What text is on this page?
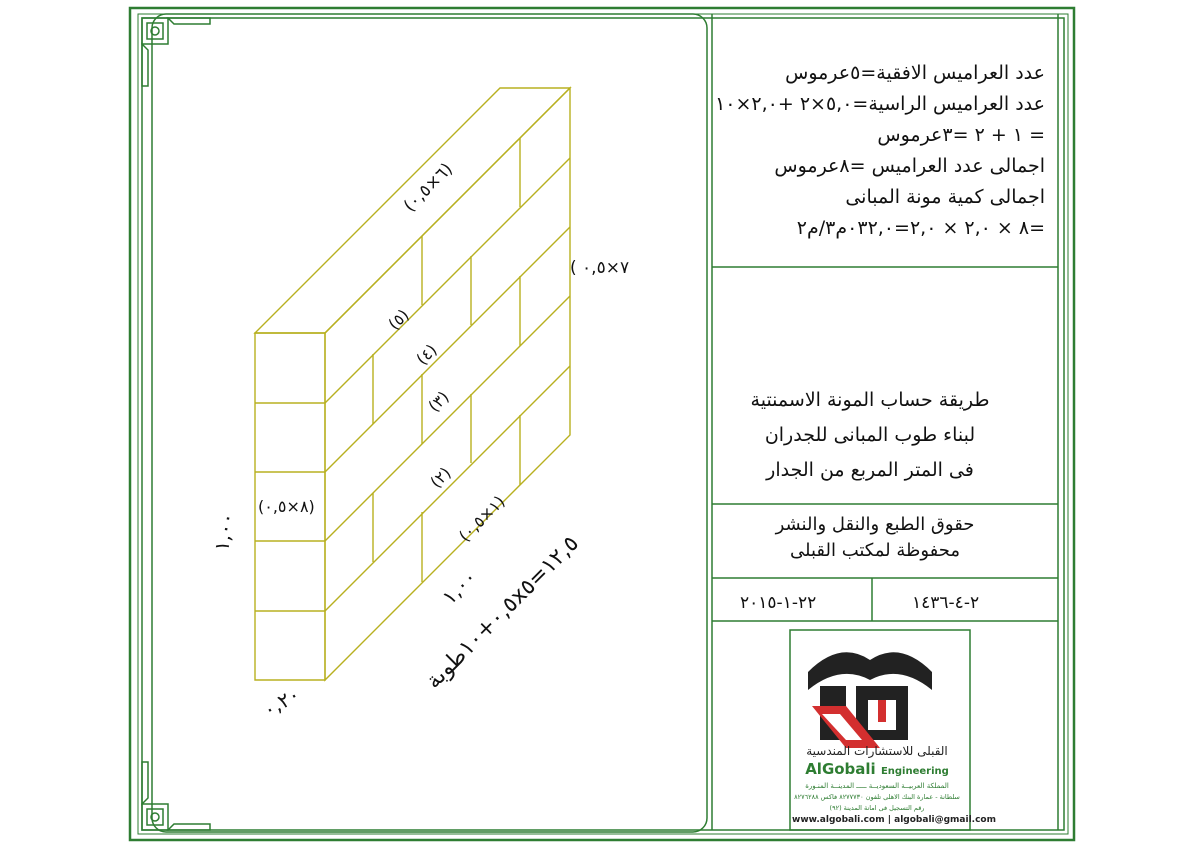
(٦×٠,٥)
( ٧×٠,٥
(٨×٠,٥)
(١×٠,٥)
(٥)
(٤)
(٣)
(٢)
١,٠٠
١,٠٠
٠,٢٠
١٢,٥=٠,٥x٥+١٠طوبة
عدد العراميس الافقية=٥عرموس
عدد العراميس الراسية=٥,٠×٢ +٢,٠×١٠
= ١ + ٢ =٣عرموس
اجمالى عدد العراميس =٨عرموس
اجمالى كمية مونة المبانى
=٨ × ٢,٠ × ٢,٠=٠٣٢,٠م٣/م٢
طريقة حساب المونة الاسمنتية
لبناء طوب المبانى للجدران
فى المتر المربع من الجدار
حقوق الطبع والنقل والنشر
محفوظة لمكتب القبلى
٢٢-١-٢٠١٥	٢-٤-١٤٣٦
القبلى للاستشارات المندسية
AlGobali Engineering
المملكة العربيــة السعوديــة ـــــ المدينــة المنـورة
سلطانة - عمارة البنك الاهلى تلفون ٨٢٧٧٧٣٠ فاكس ٨٢٧٦٢٨٨
رقم التسجيل فى امانة المدينة (٩٢)
www.algobali.com | algobali@gmail.com
